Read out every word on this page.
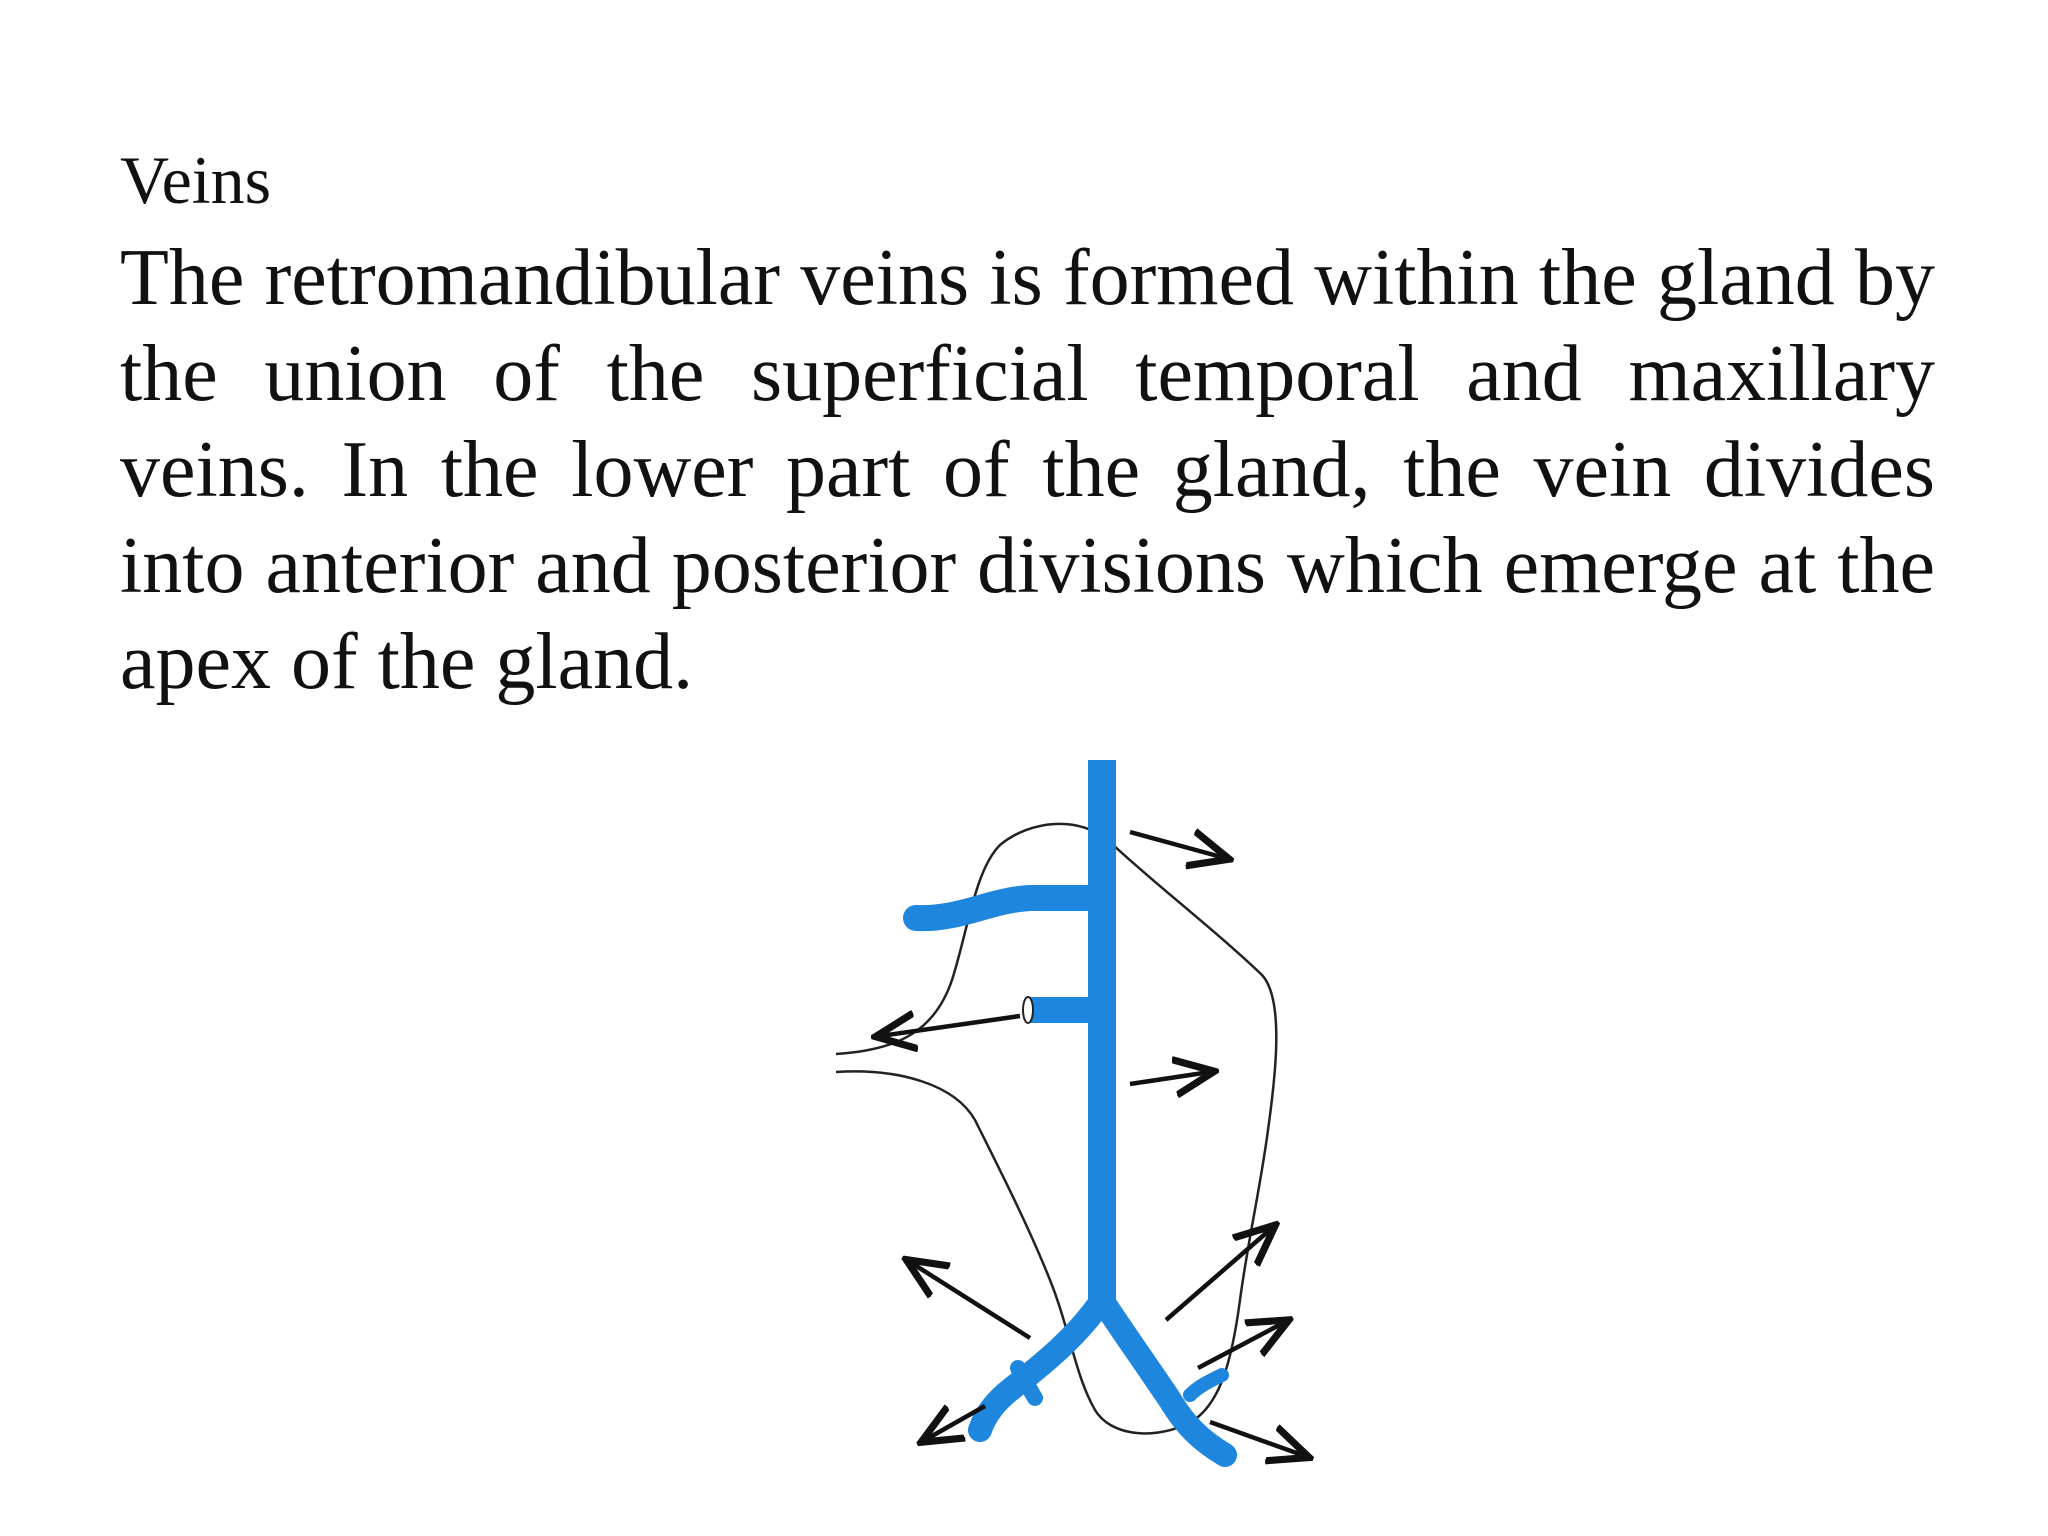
Veins

The retromandibular veins is formed within the gland by the union of the superficial temporal and maxillary veins. In the lower part of the gland, the vein divides into anterior and posterior divisions which emerge at the apex of the gland.
